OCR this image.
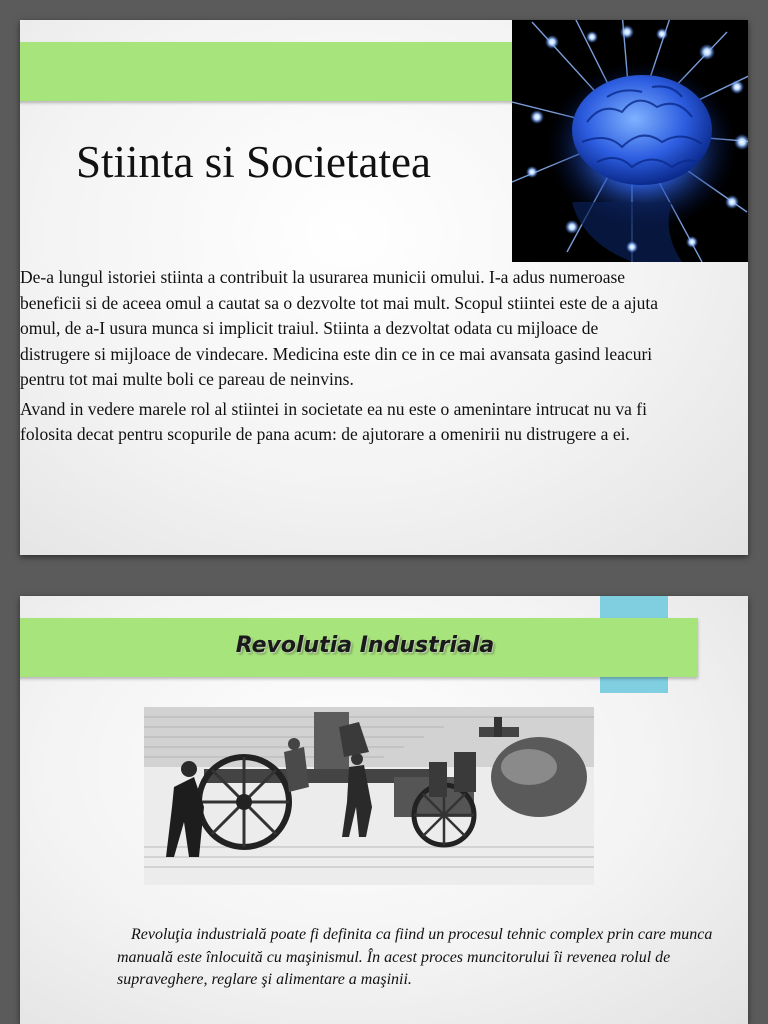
Stiinta si Societatea

De-a lungul istoriei stiinta a contribuit la usurarea municii omului. I-a adus numeroase beneficii si de aceea omul a cautat sa o dezvolte tot mai mult. Scopul stiintei este de a ajuta omul, de a-I usura munca si implicit traiul. Stiinta a dezvoltat odata cu mijloace de distrugere si mijloace de vindecare. Medicina este din ce in ce mai avansata gasind leacuri pentru tot mai multe boli ce pareau de neinvins.

Avand in vedere marele rol al stiintei in societate ea nu este o amenintare intrucat nu va fi folosita decat pentru scopurile de pana acum: de ajutorare a omenirii nu distrugere a ei.

Revolutia Industriala

Revoluţia industrială poate fi definita ca fiind un procesul tehnic complex prin care munca manuală este înlocuită cu maşinismul. În acest proces muncitorului îi revenea rolul de supraveghere, reglare şi alimentare a maşinii.
